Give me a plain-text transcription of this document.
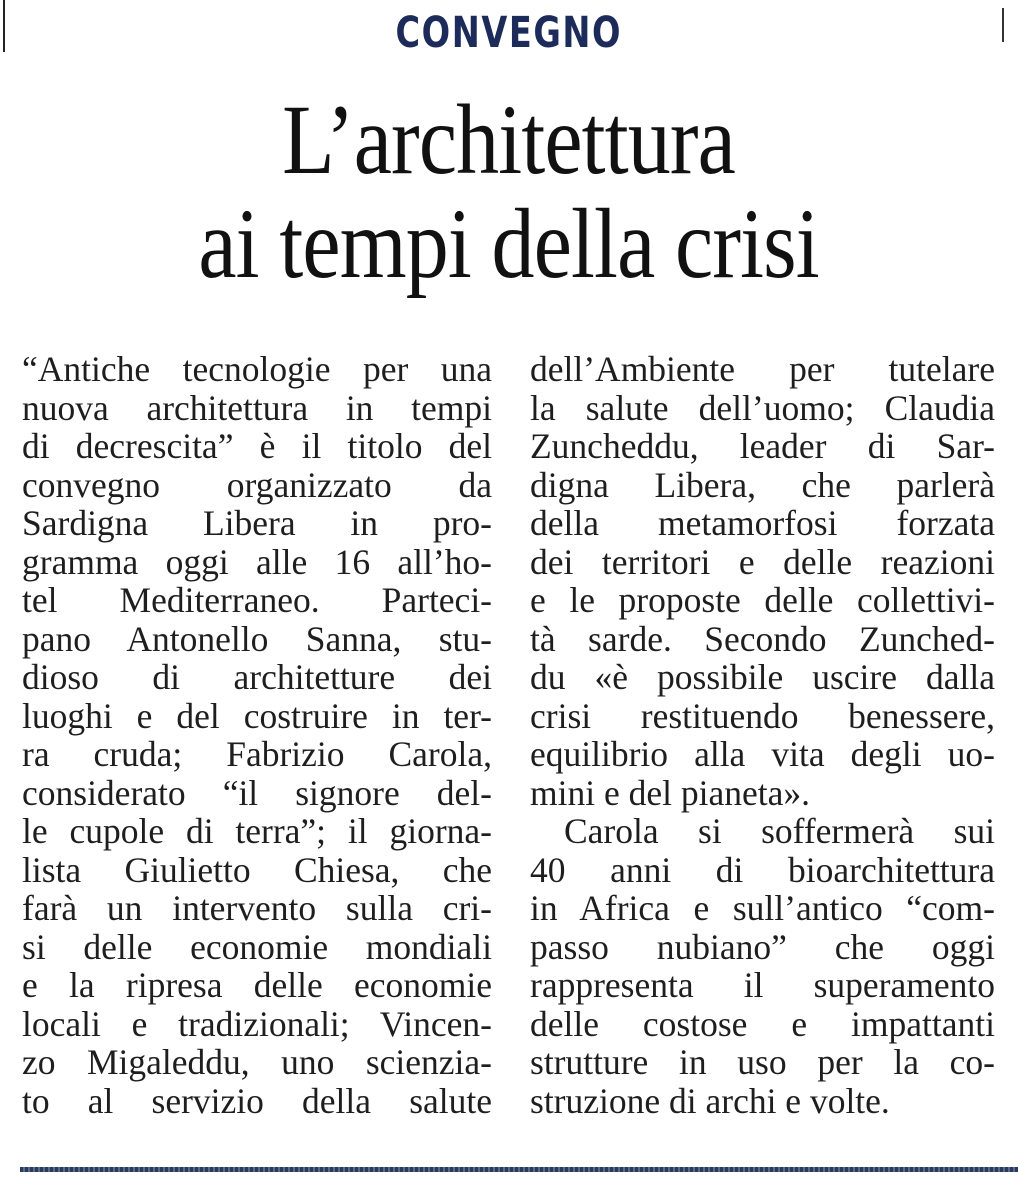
CONVEGNO
L’architettura
ai tempi della crisi
“Antiche tecnologie per una
nuova architettura in tempi
di decrescita” è il titolo del
convegno organizzato da
Sardigna Libera in pro-
gramma oggi alle 16 all’ho-
tel Mediterraneo. Parteci-
pano Antonello Sanna, stu-
dioso di architetture dei
luoghi e del costruire in ter-
ra cruda; Fabrizio Carola,
considerato “il signore del-
le cupole di terra”; il giorna-
lista Giulietto Chiesa, che
farà un intervento sulla cri-
si delle economie mondiali
e la ripresa delle economie
locali e tradizionali; Vincen-
zo Migaleddu, uno scienzia-
to al servizio della salute
dell’Ambiente per tutelare
la salute dell’uomo; Claudia
Zuncheddu, leader di Sar-
digna Libera, che parlerà
della metamorfosi forzata
dei territori e delle reazioni
e le proposte delle collettivi-
tà sarde. Secondo Zunched-
du «è possibile uscire dalla
crisi restituendo benessere,
equilibrio alla vita degli uo-
mini e del pianeta».
Carola si soffermerà sui
40 anni di bioarchitettura
in Africa e sull’antico “com-
passo nubiano” che oggi
rappresenta il superamento
delle costose e impattanti
strutture in uso per la co-
struzione di archi e volte.
